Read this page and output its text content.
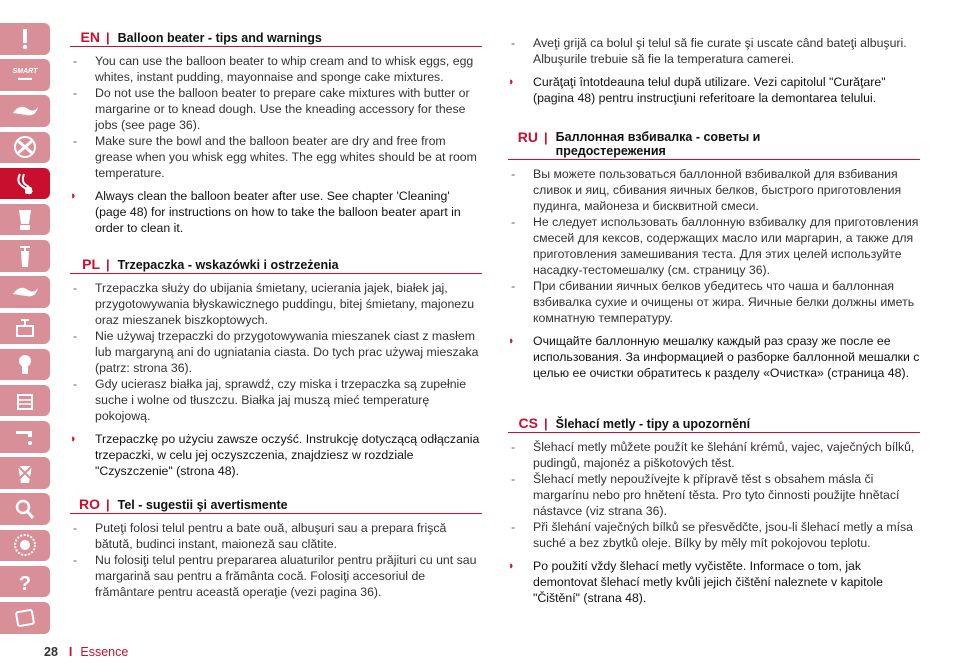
SMART
▬▬
?
EN | Balloon beater - tips and warnings
- You can use the balloon beater to whip cream and to whisk eggs, egg whites, instant pudding, mayonnaise and sponge cake mixtures.
- Do not use the balloon beater to prepare cake mixtures with butter or margarine or to knead dough. Use the kneading accessory for these jobs (see page 36).
- Make sure the bowl and the balloon beater are dry and free from grease when you whisk egg whites. The egg whites should be at room temperature.
◗ Always clean the balloon beater after use. See chapter 'Cleaning' (page 48) for instructions on how to take the balloon beater apart in order to clean it.
PL | Trzepaczka - wskazówki i ostrzeżenia
- Trzepaczka służy do ubijania śmietany, ucierania jajek, białek jaj, przygotowywania błyskawicznego puddingu, bitej śmietany, majonezu oraz mieszanek biszkoptowych.
- Nie używaj trzepaczki do przygotowywania mieszanek ciast z masłem lub margaryną ani do ugniatania ciasta. Do tych prac używaj mieszaka (patrz: strona 36).
- Gdy ucierasz białka jaj, sprawdź, czy miska i trzepaczka są zupełnie suche i wolne od tłuszczu. Białka jaj muszą mieć temperaturę pokojową.
◗ Trzepaczkę po użyciu zawsze oczyść. Instrukcję dotyczącą odłączania trzepaczki, w celu jej oczyszczenia, znajdziesz w rozdziale "Czyszczenie" (strona 48).
RO | Tel - sugestii şi avertismente
- Puteţi folosi telul pentru a bate ouă, albuşuri sau a prepara frişcă bătută, budinci instant, maioneză sau clătite.
- Nu folosiţi telul pentru prepararea aluaturilor pentru prăjituri cu unt sau margarină sau pentru a frământa cocă. Folosiţi accesoriul de frământare pentru această operaţie (vezi pagina 36).
- Aveţi grijă ca bolul şi telul să fie curate şi uscate când bateţi albuşuri. Albuşurile trebuie să fie la temperatura camerei.
◗ Curăţaţi întotdeauna telul după utilizare. Vezi capitolul "Curăţare" (pagina 48) pentru instrucţiuni referitoare la demontarea telului.
RU | Баллонная взбивалка - советы и предостережения
- Вы можете пользоваться баллонной взбивалкой для взбивания сливок и яиц, сбивания яичных белков, быстрого приготовления пудинга, майонеза и бисквитной смеси.
- Не следует использовать баллонную взбивалку для приготовления смесей для кексов, содержащих масло или маргарин, а также для приготовления замешивания теста. Для этих целей используйте насадку-тестомешалку (см. страницу 36).
- При сбивании яичных белков убедитесь что чаша и баллонная взбивалка сухие и очищены от жира. Яичные белки должны иметь комнатную температуру.
◗ Очищайте баллонную мешалку каждый раз сразу же после ее использования. За информацией о разборке баллонной мешалки с целью ее очистки обратитесь к разделу «Очистка» (страница 48).
CS | Šlehací metly - tipy a upozornění
- Šlehací metly můžete použít ke šlehání krémů, vajec, vaječných bílků, pudingů, majonéz a piškotových těst.
- Šlehací metly nepoužívejte k přípravě těst s obsahem másla či margarínu nebo pro hnětení těsta. Pro tyto činnosti použijte hnětací nástavce (viz strana 36).
- Při šlehání vaječných bílků se přesvědčte, jsou-li šlehací metly a mísa suché a bez zbytků oleje. Bílky by měly mít pokojovou teplotu.
◗ Po použití vždy šlehací metly vyčistěte. Informace o tom, jak demontovat šlehací metly kvůli jejich čištění naleznete v kapitole "Čištění" (strana 48).
28 I Essence
